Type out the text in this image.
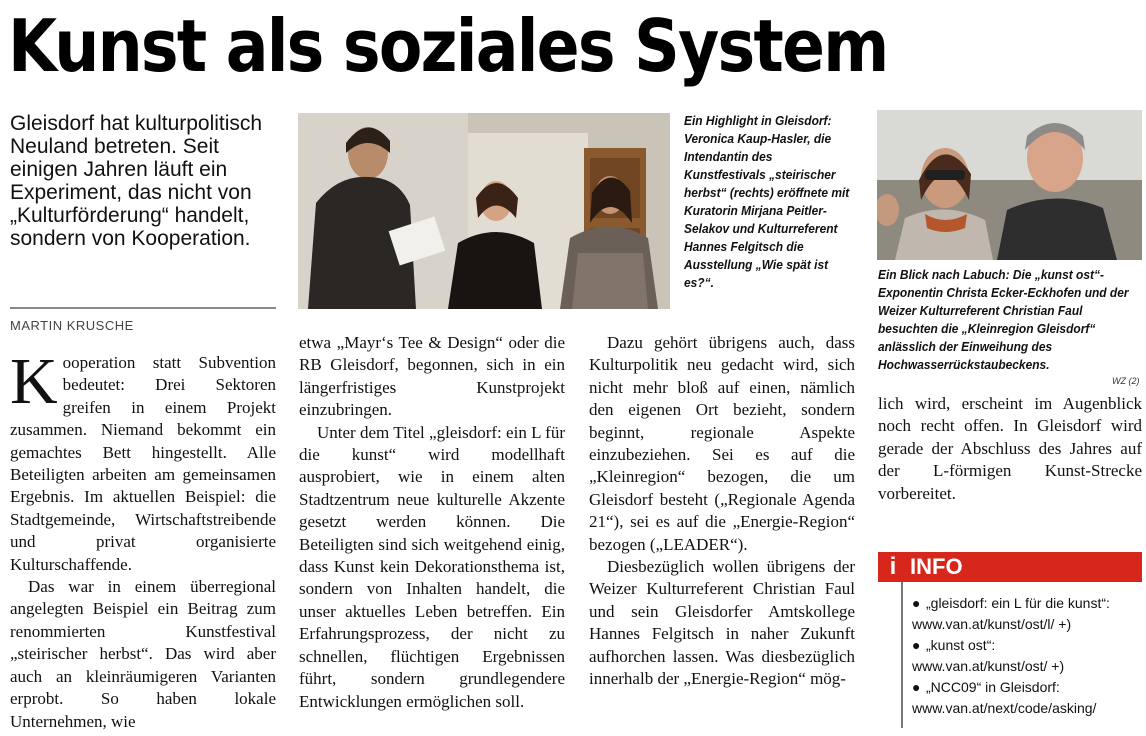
Kunst als soziales System
Gleisdorf hat kulturpolitisch Neuland betreten. Seit einigen Jahren läuft ein Experiment, das nicht von „Kulturförderung“ handelt, sondern von Kooperation.
MARTIN KRUSCHE
Ein Highlight in Gleisdorf: Veronica Kaup-Hasler, die Intendantin des Kunstfestivals „steirischer herbst“ (rechts) eröffnete mit Kuratorin Mirjana Peitler-Selakov und Kulturreferent Hannes Felgitsch die Ausstellung „Wie spät ist es?“.
Ein Blick nach Labuch: Die „kunst ost“-Exponentin Christa Ecker-Eckhofen und der Weizer Kulturreferent Christian Faul besuchten die „Kleinregion Gleisdorf“ anlässlich der Einweihung des Hochwasserrückstaubeckens.
WZ (2)

Kooperation statt Subvention bedeutet: Drei Sektoren greifen in einem Projekt zusammen. Niemand bekommt ein gemachtes Bett hingestellt. Alle Beteiligten arbeiten am gemeinsamen Ergebnis. Im aktuellen Beispiel: die Stadtgemeinde, Wirtschaftstreibende und privat organisierte Kulturschaffende.

Das war in einem überregional angelegten Beispiel ein Beitrag zum renommierten Kunstfestival „steirischer herbst“. Das wird aber auch an kleinräumigeren Varianten erprobt. So haben lokale Unternehmen, wie

etwa „Mayr‘s Tee & Design“ oder die RB Gleisdorf, begonnen, sich in ein längerfristiges Kunstprojekt einzubringen.

Unter dem Titel „gleisdorf: ein L für die kunst“ wird modellhaft ausprobiert, wie in einem alten Stadtzentrum neue kulturelle Akzente gesetzt werden können. Die Beteiligten sind sich weitgehend einig, dass Kunst kein Dekorationsthema ist, sondern von Inhalten handelt, die unser aktuelles Leben betreffen. Ein Erfahrungsprozess, der nicht zu schnellen, flüchtigen Ergebnissen führt, sondern grundlegendere Entwicklungen ermöglichen soll.

Dazu gehört übrigens auch, dass Kulturpolitik neu gedacht wird, sich nicht mehr bloß auf einen, nämlich den eigenen Ort bezieht, sondern beginnt, regionale Aspekte einzubeziehen. Sei es auf die „Kleinregion“ bezogen, die um Gleisdorf besteht („Regionale Agenda 21“), sei es auf die „Energie-Region“ bezogen („LEADER“).

Diesbezüglich wollen übrigens der Weizer Kulturreferent Christian Faul und sein Gleisdorfer Amtskollege Hannes Felgitsch in naher Zukunft aufhorchen lassen. Was diesbezüglich innerhalb der „Energie-Region“ mög-

lich wird, erscheint im Augenblick noch recht offen. In Gleisdorf wird gerade der Abschluss des Jahres auf der L-förmigen Kunst-Strecke vorbereitet.

i INFO
● „gleisdorf: ein L für die kunst“:
www.van.at/kunst/ost/l/ +)
● „kunst ost“:
www.van.at/kunst/ost/ +)
● „NCC09“ in Gleisdorf:
www.van.at/next/code/asking/
